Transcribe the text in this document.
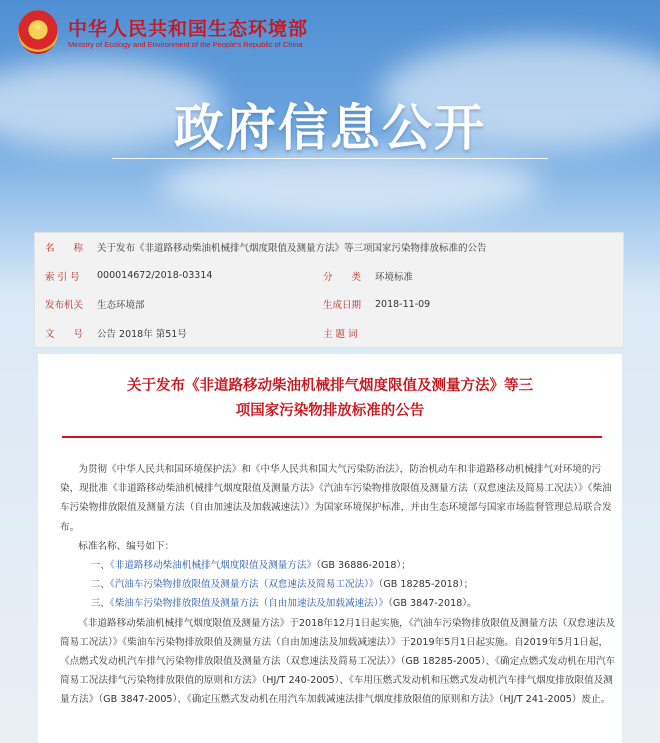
中华人民共和国生态环境部
Ministry of Ecology and Environment of the People's Republic of China
政府信息公开
名　　称	关于发布《非道路移动柴油机械排气烟度限值及测量方法》等三项国家污染物排放标准的公告
索 引 号	000014672/2018-03314	分　　类	环境标准
发布机关	生态环境部	生成日期	2018-11-09
文　　号	公告 2018年 第51号	主 题 词
关于发布《非道路移动柴油机械排气烟度限值及测量方法》等三
项国家污染物排放标准的公告

为贯彻《中华人民共和国环境保护法》和《中华人民共和国大气污染防治法》，防治机动车和非道路移动机械排气对环境的污染，现批准《非道路移动柴油机械排气烟度限值及测量方法》《汽油车污染物排放限值及测量方法（双怠速法及简易工况法）》《柴油车污染物排放限值及测量方法（自由加速法及加载减速法）》为国家环境保护标准，并由生态环境部与国家市场监督管理总局联合发布。

标准名称、编号如下：

一、《非道路移动柴油机械排气烟度限值及测量方法》（GB 36886-2018）；

二、《汽油车污染物排放限值及测量方法（双怠速法及简易工况法）》（GB 18285-2018）；

三、《柴油车污染物排放限值及测量方法（自由加速法及加载减速法）》（GB 3847-2018）。

《非道路移动柴油机械排气烟度限值及测量方法》于2018年12月1日起实施，《汽油车污染物排放限值及测量方法（双怠速法及简易工况法）》《柴油车污染物排放限值及测量方法（自由加速法及加载减速法）》于2019年5月1日起实施。自2019年5月1日起，《点燃式发动机汽车排气污染物排放限值及测量方法（双怠速法及简易工况法）》（GB 18285-2005）、《确定点燃式发动机在用汽车简易工况法排气污染物排放限值的原则和方法》（HJ/T 240-2005）、《车用压燃式发动机和压燃式发动机汽车排气烟度排放限值及测量方法》（GB 3847-2005）、《确定压燃式发动机在用汽车加载减速法排气烟度排放限值的原则和方法》（HJ/T 241-2005）废止。
